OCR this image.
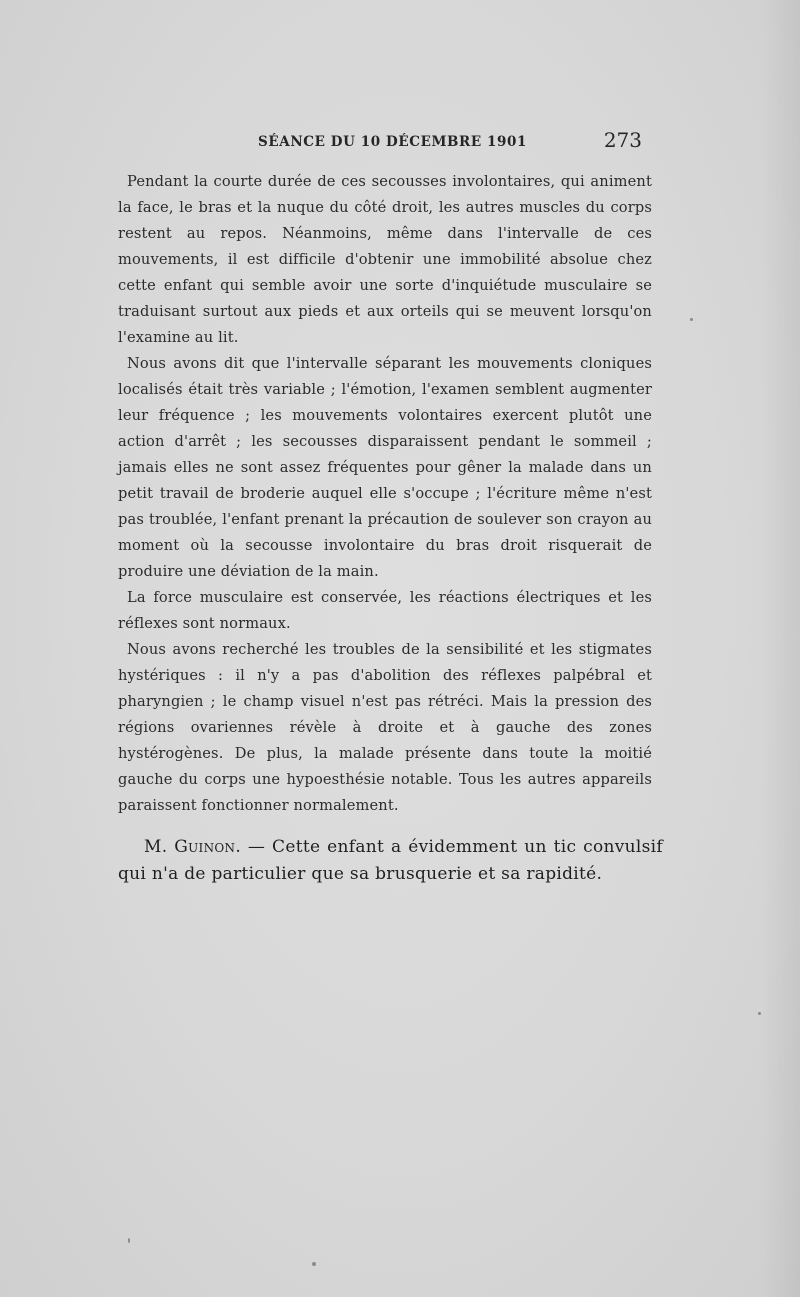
SÉANCE DU 10 DÉCEMBRE 1901	273

Pendant la courte durée de ces secousses involontaires, qui animent la face, le bras et la nuque du côté droit, les autres muscles du corps restent au repos. Néanmoins, même dans l'intervalle de ces mouvements, il est difficile d'obtenir une immobilité absolue chez cette enfant qui semble avoir une sorte d'inquiétude musculaire se traduisant surtout aux pieds et aux orteils qui se meuvent lorsqu'on l'examine au lit.

Nous avons dit que l'intervalle séparant les mouvements cloniques localisés était très variable ; l'émotion, l'examen semblent augmenter leur fréquence ; les mouvements volontaires exercent plutôt une action d'arrêt ; les secousses disparaissent pendant le sommeil ; jamais elles ne sont assez fréquentes pour gêner la malade dans un petit travail de broderie auquel elle s'occupe ; l'écriture même n'est pas troublée, l'enfant prenant la précaution de soulever son crayon au moment où la secousse involontaire du bras droit risquerait de produire une déviation de la main.

La force musculaire est conservée, les réactions électriques et les réflexes sont normaux.

Nous avons recherché les troubles de la sensibilité et les stigmates hystériques : il n'y a pas d'abolition des réflexes palpébral et pharyngien ; le champ visuel n'est pas rétréci. Mais la pression des régions ovariennes révèle à droite et à gauche des zones hystérogènes. De plus, la malade présente dans toute la moitié gauche du corps une hypoesthésie notable. Tous les autres appareils paraissent fonctionner normalement.

M. Guinon. — Cette enfant a évidemment un tic convulsif qui n'a de particulier que sa brusquerie et sa rapidité.
